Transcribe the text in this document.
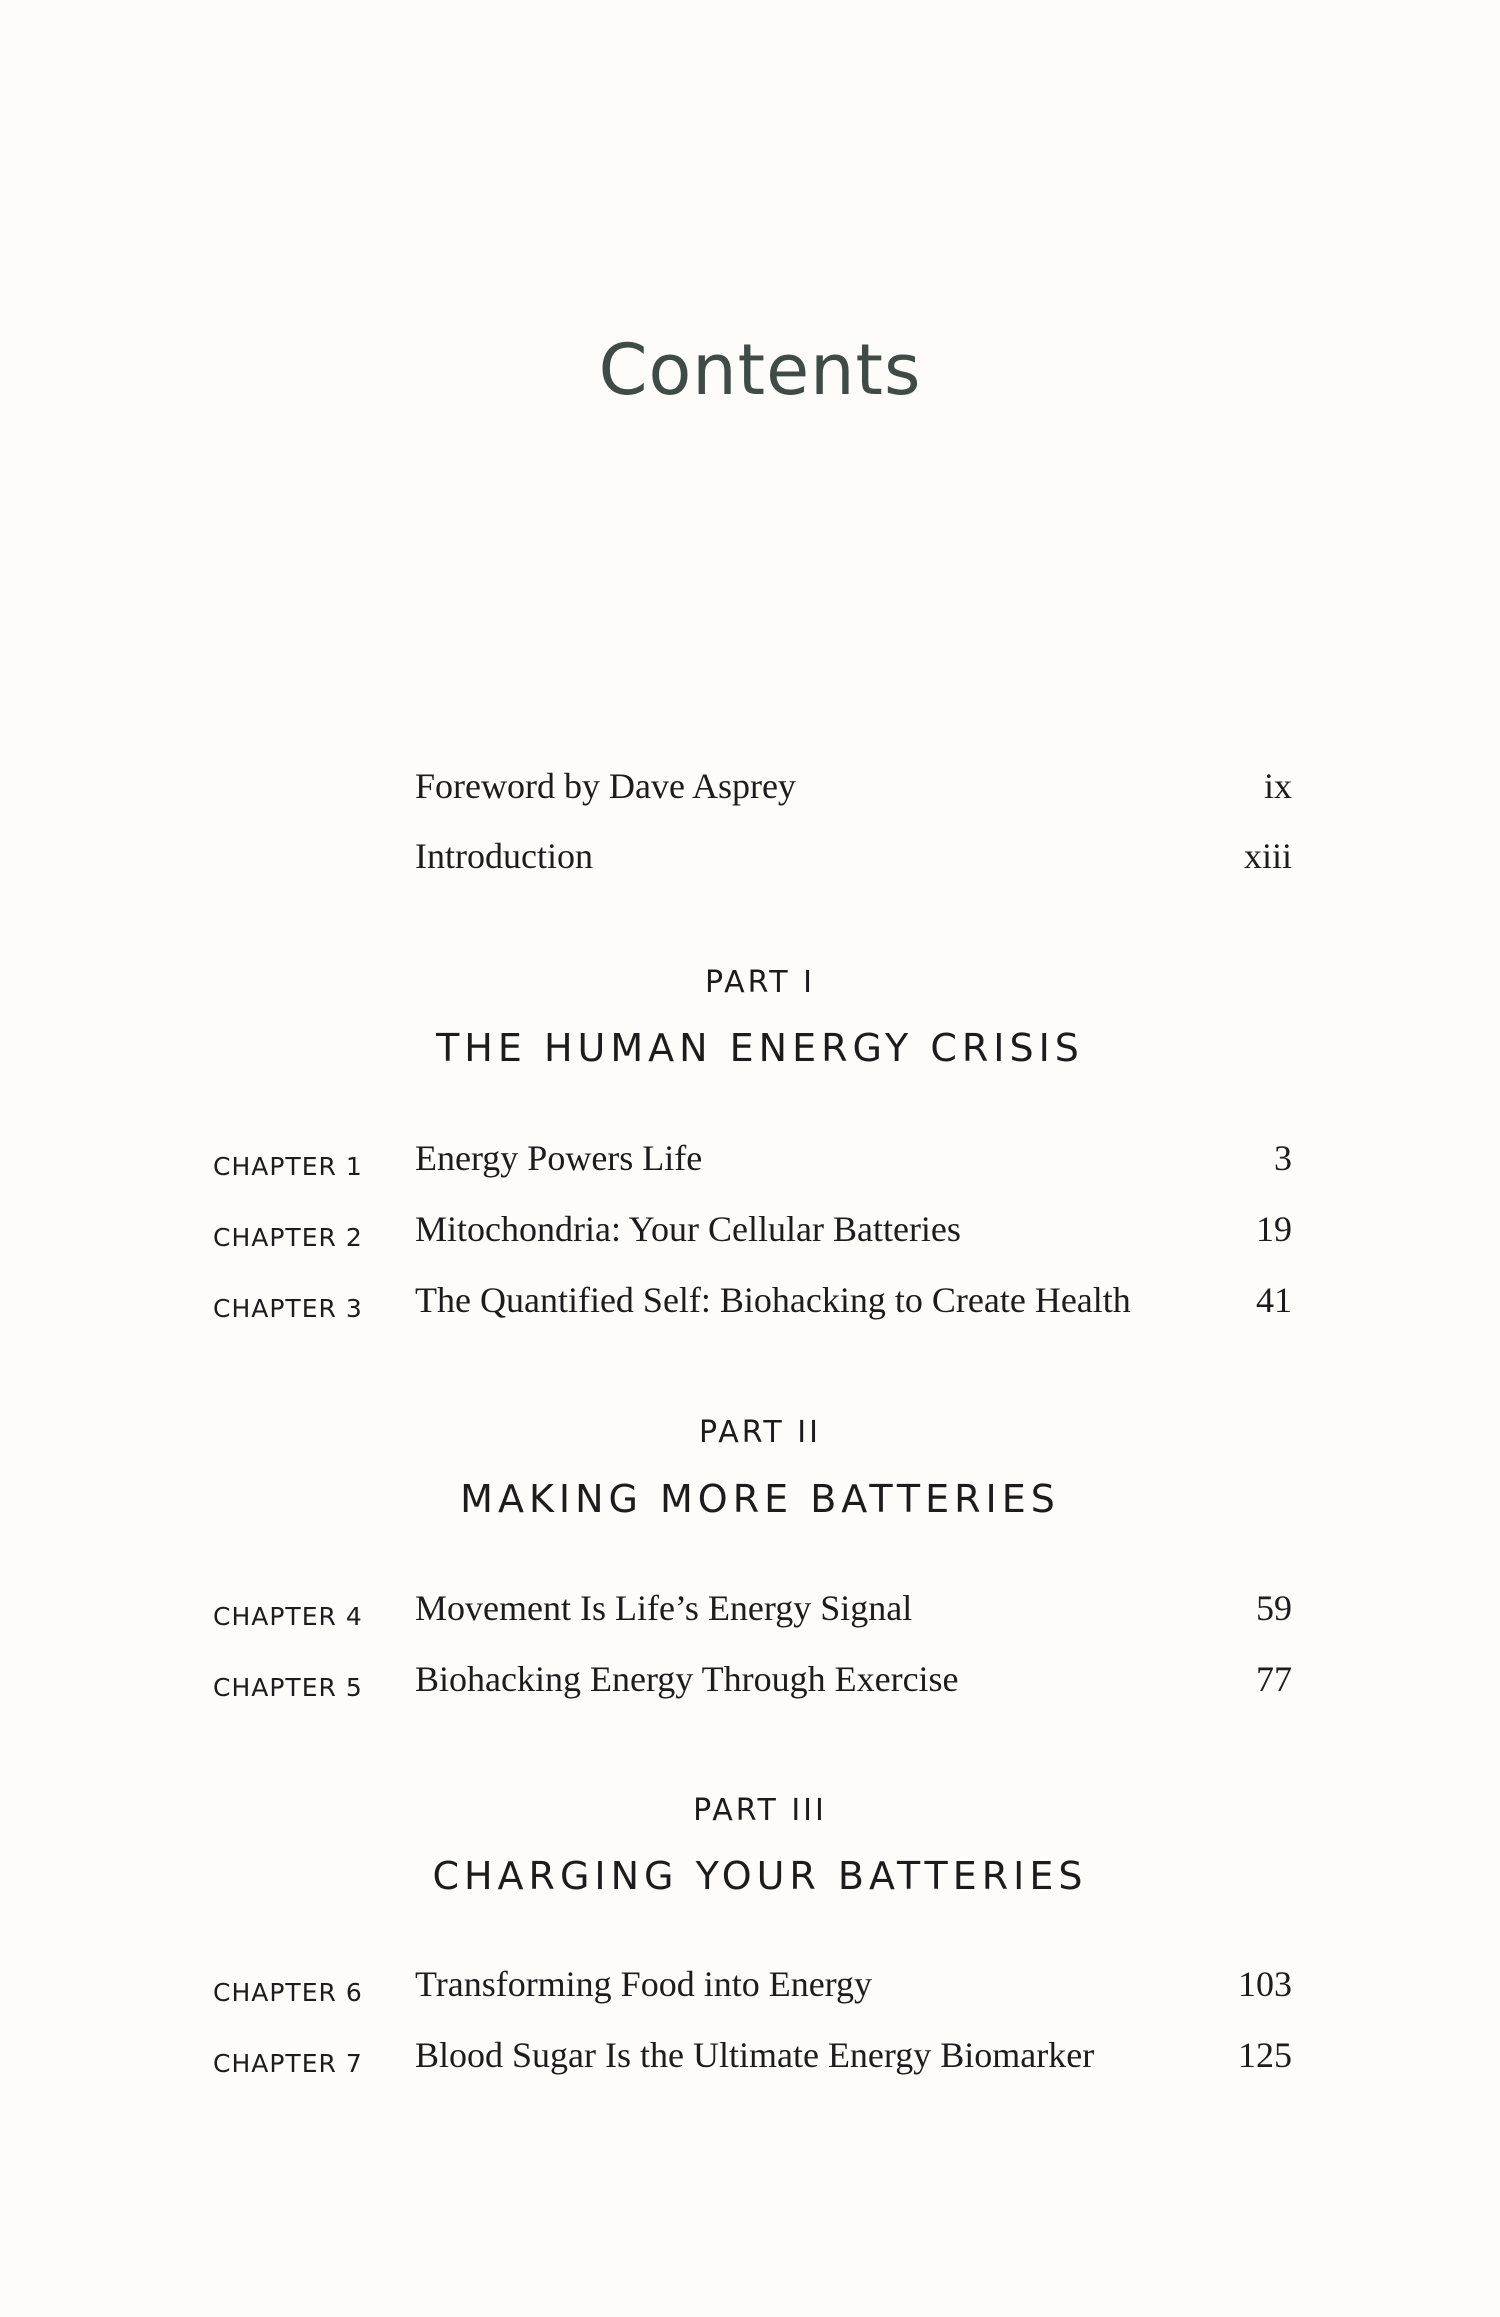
Contents
Foreword by Dave Asprey	ix
Introduction	xiii
PART I
THE HUMAN ENERGY CRISIS
CHAPTER 1 Energy Powers Life	3
CHAPTER 2 Mitochondria: Your Cellular Batteries	19
CHAPTER 3 The Quantified Self: Biohacking to Create Health	41
PART II
MAKING MORE BATTERIES
CHAPTER 4 Movement Is Life’s Energy Signal	59
CHAPTER 5 Biohacking Energy Through Exercise	77
PART III
CHARGING YOUR BATTERIES
CHAPTER 6 Transforming Food into Energy	103
CHAPTER 7 Blood Sugar Is the Ultimate Energy Biomarker	125
